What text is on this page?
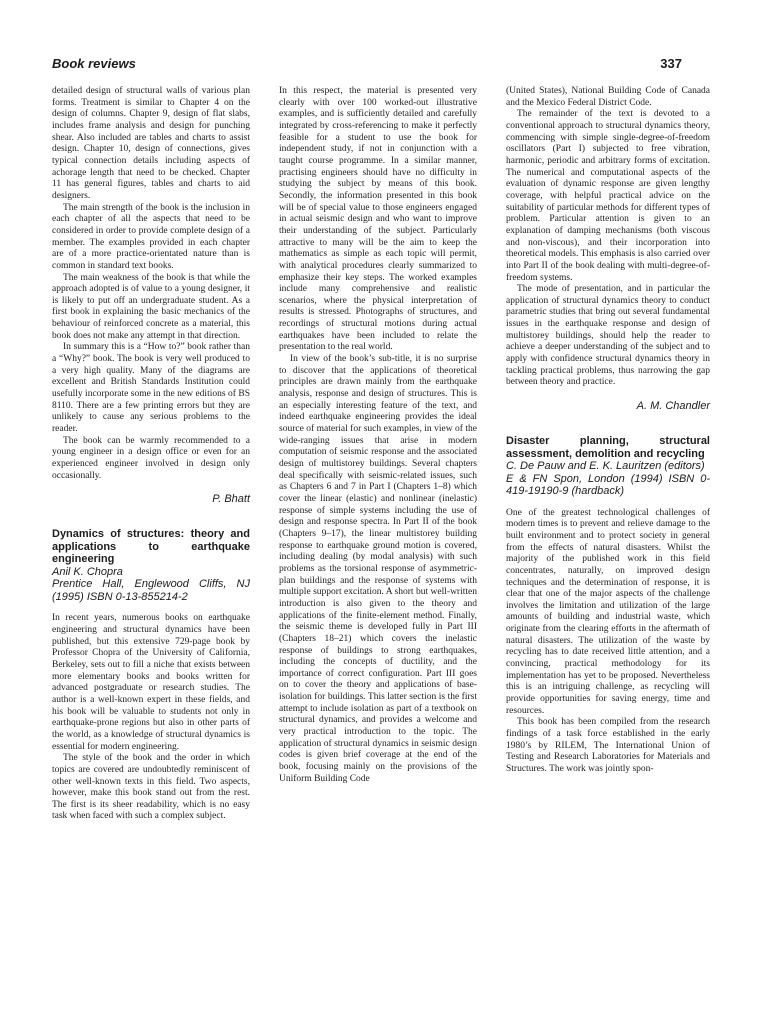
Book reviews	337

detailed design of structural walls of various plan forms. Treatment is similar to Chapter 4 on the design of columns. Chapter 9, design of flat slabs, includes frame analysis and design for punching shear. Also included are tables and charts to assist design. Chapter 10, design of connections, gives typical connection details including aspects of achorage length that need to be checked. Chapter 11 has general figures, tables and charts to aid designers.

The main strength of the book is the inclusion in each chapter of all the aspects that need to be considered in order to provide complete design of a member. The examples provided in each chapter are of a more practice-orientated nature than is common in standard text books.

The main weakness of the book is that while the approach adopted is of value to a young designer, it is likely to put off an undergraduate student. As a first book in explaining the basic mechanics of the behaviour of reinforced concrete as a material, this book does not make any attempt in that direction.

In summary this is a “How to?” book rather than a “Why?” book. The book is very well produced to a very high quality. Many of the diagrams are excellent and British Standards Institution could usefully incorporate some in the new editions of BS 8110. There are a few printing errors but they are unlikely to cause any serious problems to the reader.

The book can be warmly recommended to a young engineer in a design office or even for an experienced engineer involved in design only occasionally.

P. Bhatt
Dynamics of structures: theory and applications to earthquake engineering
Anil K. Chopra
Prentice Hall, Englewood Cliffs, NJ (1995) ISBN 0-13-855214-2

In recent years, numerous books on earthquake engineering and structural dynamics have been published, but this extensive 729-page book by Professor Chopra of the University of California, Berkeley, sets out to fill a niche that exists between more elementary books and books written for advanced postgraduate or research studies. The author is a well-known expert in these fields, and his book will be valuable to students not only in earthquake-prone regions but also in other parts of the world, as a knowledge of structural dynamics is essential for modern engineering.

The style of the book and the order in which topics are covered are undoubtedly reminiscent of other well-known texts in this field. Two aspects, however, make this book stand out from the rest. The first is its sheer readability, which is no easy task when faced with such a complex subject.

In this respect, the material is presented very clearly with over 100 worked-out illustrative examples, and is sufficiently detailed and carefully integrated by cross-referencing to make it perfectly feasible for a student to use the book for independent study, if not in conjunction with a taught course programme. In a similar manner, practising engineers should have no difficulty in studying the subject by means of this book. Secondly, the information presented in this book will be of special value to those engineers engaged in actual seismic design and who want to improve their understanding of the subject. Particularly attractive to many will be the aim to keep the mathematics as simple as each topic will permit, with analytical procedures clearly summarized to emphasize their key steps. The worked examples include many comprehensive and realistic scenarios, where the physical interpretation of results is stressed. Photographs of structures, and recordings of structural motions during actual earthquakes have been included to relate the presentation to the real world.

In view of the book’s sub-title, it is no surprise to discover that the applications of theoretical principles are drawn mainly from the earthquake analysis, response and design of structures. This is an especially interesting feature of the text, and indeed earthquake engineering provides the ideal source of material for such examples, in view of the wide-ranging issues that arise in modern computation of seismic response and the associated design of multistorey buildings. Several chapters deal specifically with seismic-related issues, such as Chapters 6 and 7 in Part I (Chapters 1–8) which cover the linear (elastic) and nonlinear (inelastic) response of simple systems including the use of design and response spectra. In Part II of the book (Chapters 9–17), the linear multistorey building response to earthquake ground motion is covered, including dealing (by modal analysis) with such problems as the torsional response of asymmetric-plan buildings and the response of systems with multiple support excitation. A short but well-written introduction is also given to the theory and applications of the finite-element method. Finally, the seismic theme is developed fully in Part III (Chapters 18–21) which covers the inelastic response of buildings to strong earthquakes, including the concepts of ductility, and the importance of correct configuration. Part III goes on to cover the theory and applications of base-isolation for buildings. This latter section is the first attempt to include isolation as part of a textbook on structural dynamics, and provides a welcome and very practical introduction to the topic. The application of structural dynamics in seismic design codes is given brief coverage at the end of the book, focusing mainly on the provisions of the Uniform Building Code

(United States), National Building Code of Canada and the Mexico Federal District Code.

The remainder of the text is devoted to a conventional approach to structural dynamics theory, commencing with simple single-degree-of-freedom oscillators (Part I) subjected to free vibration, harmonic, periodic and arbitrary forms of excitation. The numerical and computational aspects of the evaluation of dynamic response are given lengthy coverage, with helpful practical advice on the suitability of particular methods for different types of problem. Particular attention is given to an explanation of damping mechanisms (both viscous and non-viscous), and their incorporation into theoretical models. This emphasis is also carried over into Part II of the book dealing with multi-degree-of-freedom systems.

The mode of presentation, and in particular the application of structural dynamics theory to conduct parametric studies that bring out several fundamental issues in the earthquake response and design of multistorey buildings, should help the reader to achieve a deeper understanding of the subject and to apply with confidence structural dynamics theory in tackling practical problems, thus narrowing the gap between theory and practice.

A. M. Chandler
Disaster planning, structural assessment, demolition and recycling
C. De Pauw and E. K. Lauritzen (editors)
E & FN Spon, London (1994) ISBN 0-419-19190-9 (hardback)

One of the greatest technological challenges of modern times is to prevent and relieve damage to the built environment and to protect society in general from the effects of natural disasters. Whilst the majority of the published work in this field concentrates, naturally, on improved design techniques and the determination of response, it is clear that one of the major aspects of the challenge involves the limitation and utilization of the large amounts of building and industrial waste, which originate from the clearing efforts in the aftermath of natural disasters. The utilization of the waste by recycling has to date received little attention, and a convincing, practical methodology for its implementation has yet to be proposed. Nevertheless this is an intriguing challenge, as recycling will provide opportunities for saving energy, time and resources.

This book has been compiled from the research findings of a task force established in the early 1980’s by RILEM, The International Union of Testing and Research Laboratories for Materials and Structures. The work was jointly spon-
